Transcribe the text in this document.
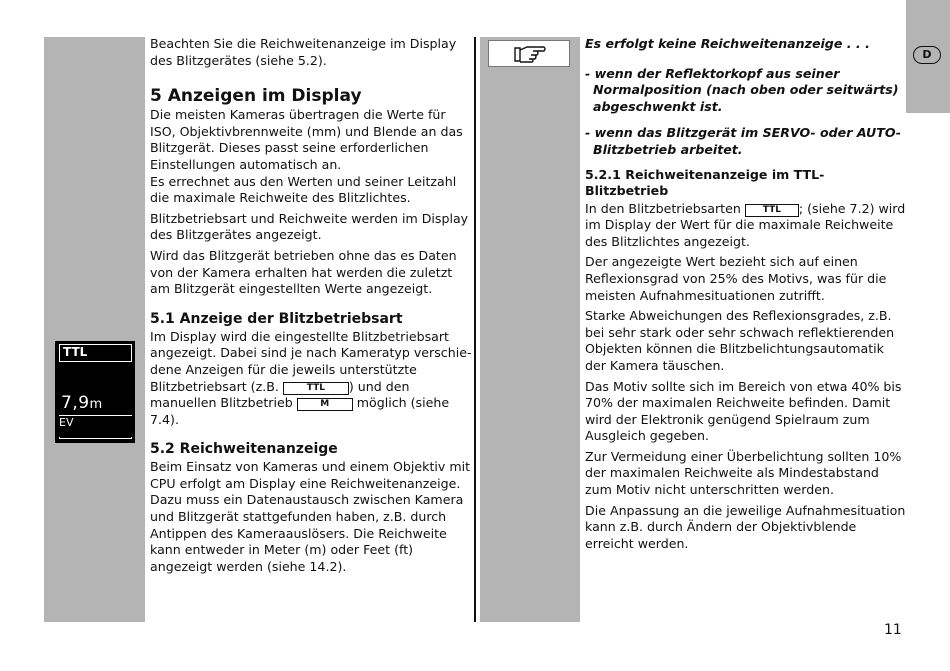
D
TTL
7,9m
EV

Beachten Sie die Reichweitenanzeige im Display des Blitzgerätes (siehe 5.2).

5 Anzeigen im Display

Die meisten Kameras übertragen die Werte für ISO, Objektivbrennweite (mm) und Blende an das Blitzgerät. Dieses passt seine erforderlichen Einstellungen automatisch an.

Es errechnet aus den Werten und seiner Leitzahl die maximale Reichweite des Blitzlichtes.

Blitzbetriebsart und Reichweite werden im Display des Blitzgerätes angezeigt.

Wird das Blitzgerät betrieben ohne das es Daten von der Kamera erhalten hat werden die zuletzt am Blitzgerät eingestellten Werte angezeigt.

5.1 Anzeige der Blitzbetriebsart

Im Display wird die eingestellte Blitzbetriebsart angezeigt. Dabei sind je nach Kameratyp verschie-dene Anzeigen für die jeweils unterstützte Blitzbetriebsart (z.B.	TTL ) und den manuellen Blitzbetrieb	M möglich (siehe 7.4).

5.2 Reichweitenanzeige

Beim Einsatz von Kameras und einem Objektiv mit CPU erfolgt am Display eine Reichweitenanzeige. Dazu muss ein Datenaustausch zwischen Kamera und Blitzgerät stattgefunden haben, z.B. durch Antippen des Kameraauslösers. Die Reichweite kann entweder in Meter (m) oder Feet (ft) angezeigt werden (siehe 14.2).

Es erfolgt keine Reichweitenanzeige . . .

- wenn der Reflektorkopf aus seiner Normalposition (nach oben oder seitwärts) abgeschwenkt ist.

- wenn das Blitzgerät im SERVO- oder AUTO-Blitzbetrieb arbeitet.

5.2.1 Reichweitenanzeige im TTL-Blitzbetrieb

In den Blitzbetriebsarten TTL ; (siehe 7.2) wird im Display der Wert für die maximale Reichweite des Blitzlichtes angezeigt.

Der angezeigte Wert bezieht sich auf einen Reflexionsgrad von 25% des Motivs, was für die meisten Aufnahmesituationen zutrifft.

Starke Abweichungen des Reflexionsgrades, z.B. bei sehr stark oder sehr schwach reflektierenden Objekten können die Blitzbelichtungsautomatik der Kamera täuschen.

Das Motiv sollte sich im Bereich von etwa 40% bis 70% der maximalen Reichweite befinden. Damit wird der Elektronik genügend Spielraum zum Ausgleich gegeben.

Zur Vermeidung einer Überbelichtung sollten 10% der maximalen Reichweite als Mindestabstand zum Motiv nicht unterschritten werden.

Die Anpassung an die jeweilige Aufnahmesituation kann z.B. durch Ändern der Objektivblende erreicht werden.

11
